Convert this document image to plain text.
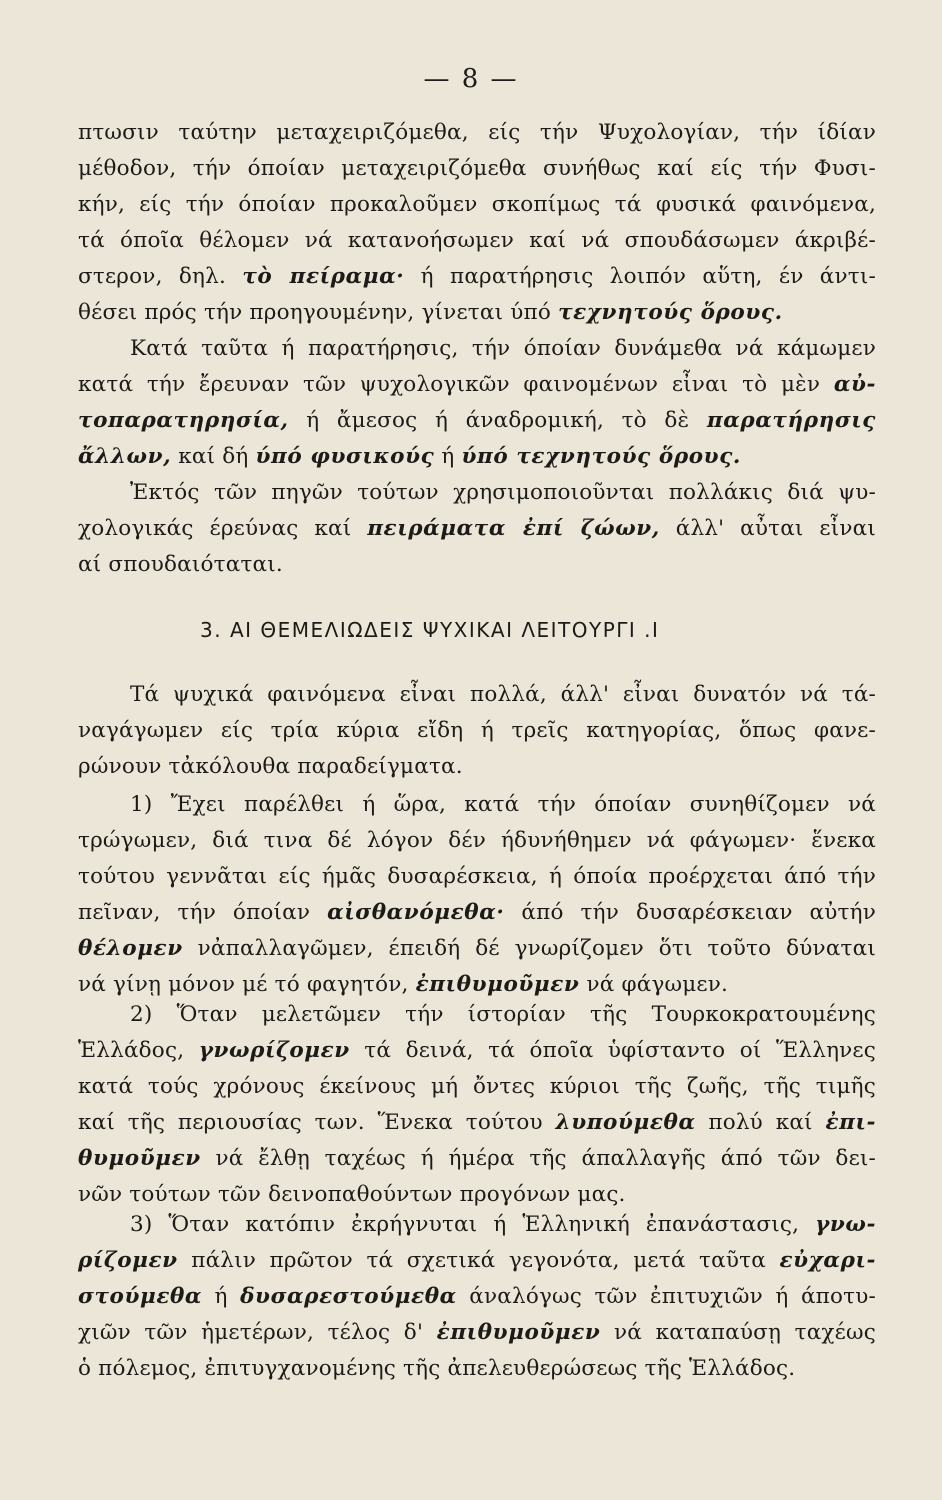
— 8 —
πτωσιν ταύτην μεταχειριζόμεθα, είς τήν Ψυχολογίαν, τήν ίδίαν
μέθοδον, τήν όποίαν μεταχειριζόμεθα συνήθως καί είς τήν Φυσι-
κήν, είς τήν όποίαν προκαλοῦμεν σκοπίμως τά φυσικά φαινόμενα,
τά όποῖα θέλομεν νά κατανοήσωμεν καί νά σπουδάσωμεν άκριβέ-
στερον, δηλ. τὸ πείραμα· ή παρατήρησις λοιπόν αὕτη, έν άντι-
θέσει πρός τήν προηγουμένην, γίνεται ύπό τεχνητούς ὅρους.
Κατά ταῦτα ή παρατήρησις, τήν όποίαν δυνάμεθα νά κάμωμεν
κατά τήν ἔρευναν τῶν ψυχολογικῶν φαινομένων εἶναι τὸ μὲν αὐ-
τοπαρατηρησία, ή ἄμεσος ή άναδρομική, τὸ δὲ παρατήρησις
ἄλλων, καί δή ύπό φυσικούς ή ύπό τεχνητούς ὅρους.
Ἐκτός τῶν πηγῶν τούτων χρησιμοποιοῦνται πολλάκις διά ψυ-
χολογικάς έρεύνας καί πειράματα ἐπί ζώων, άλλ' αὖται εἶναι
αί σπουδαιόταται.
3. ΑΙ ΘΕΜΕΛΙΩΔΕΙΣ ΨΥΧΙΚΑΙ ΛΕΙΤΟΥΡΓΙ .Ι
Τά ψυχικά φαινόμενα εἶναι πολλά, άλλ' εἶναι δυνατόν νά τά-
ναγάγωμεν είς τρία κύρια εἴδη ή τρεῖς κατηγορίας, ὅπως φανε-
ρώνουν τἀκόλουθα παραδείγματα.
1) Ἔχει παρέλθει ή ὥρα, κατά τήν όποίαν συνηθίζομεν νά
τρώγωμεν, διά τινα δέ λόγον δέν ήδυνήθημεν νά φάγωμεν· ἕνεκα
τούτου γεννᾶται είς ήμᾶς δυσαρέσκεια, ή όποία προέρχεται άπό τήν
πεῖναν, τήν όποίαν αἰσθανόμεθα· άπό τήν δυσαρέσκειαν αὐτήν
θέλομεν νἀπαλλαγῶμεν, έπειδή δέ γνωρίζομεν ὅτι τοῦτο δύναται
νά γίνῃ μόνον μέ τό φαγητόν, ἐπιθυμοῦμεν νά φάγωμεν.
2) Ὅταν μελετῶμεν τήν ίστορίαν τῆς Τουρκοκρατουμένης
Ἑλλάδος, γνωρίζομεν τά δεινά, τά όποῖα ὑφίσταντο οί Ἕλληνες
κατά τούς χρόνους έκείνους μή ὄντες κύριοι τῆς ζωῆς, τῆς τιμῆς
καί τῆς περιουσίας των. Ἕνεκα τούτου λυπούμεθα πολύ καί ἐπι-
θυμοῦμεν νά ἔλθῃ ταχέως ή ήμέρα τῆς άπαλλαγῆς άπό τῶν δει-
νῶν τούτων τῶν δεινοπαθούντων προγόνων μας.
3) Ὅταν κατόπιν ἐκρήγνυται ή Ἑλληνική ἐπανάστασις, γνω-
ρίζομεν πάλιν πρῶτον τά σχετικά γεγονότα, μετά ταῦτα εὐχαρι-
στούμεθα ή δυσαρεστούμεθα άναλόγως τῶν ἐπιτυχιῶν ή άποτυ-
χιῶν τῶν ἡμετέρων, τέλος δ' ἐπιθυμοῦμεν νά καταπαύσῃ ταχέως
ὁ πόλεμος, ἐπιτυγχανομένης τῆς ἀπελευθερώσεως τῆς Ἑλλάδος.
